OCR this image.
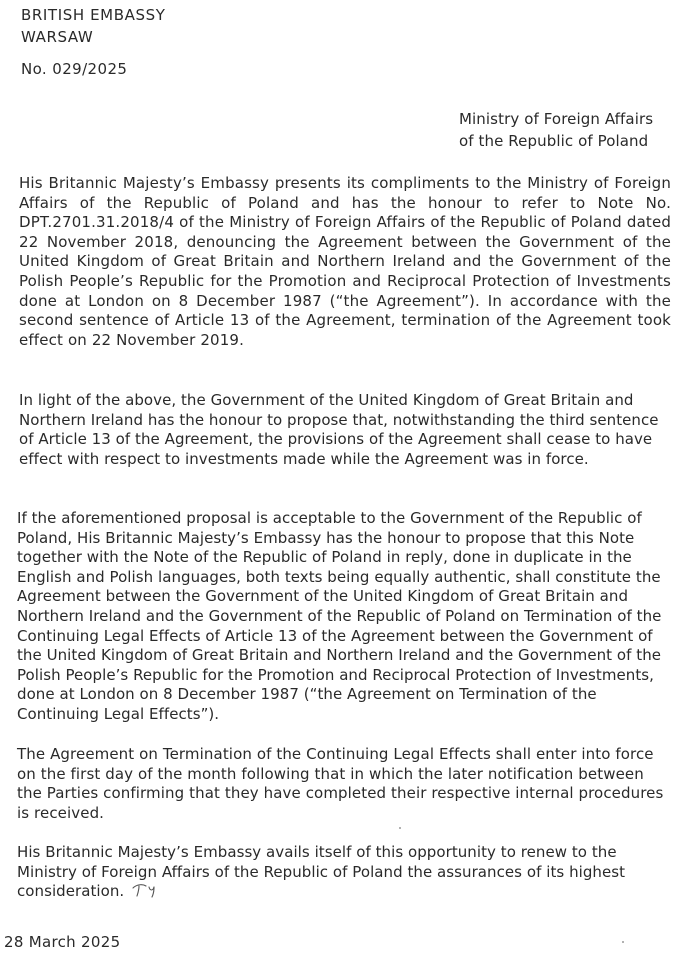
BRITISH EMBASSY
WARSAW
No. 029/2025
Ministry of Foreign Affairs
of the Republic of Poland

His Britannic Majesty’s Embassy presents its compliments to the Ministry of Foreign Affairs of the Republic of Poland and has the honour to refer to Note No. DPT.2701.31.2018/4 of the Ministry of Foreign Affairs of the Republic of Poland dated 22 November 2018, denouncing the Agreement between the Government of the United Kingdom of Great Britain and Northern Ireland and the Government of the Polish People’s Republic for the Promotion and Reciprocal Protection of Investments done at London on 8 December 1987 (“the Agreement”). In accordance with the second sentence of Article 13 of the Agreement, termination of the Agreement took effect on 22 November 2019.

In light of the above, the Government of the United Kingdom of Great Britain and Northern Ireland has the honour to propose that, notwithstanding the third sentence of Article 13 of the Agreement, the provisions of the Agreement shall cease to have effect with respect to investments made while the Agreement was in force.

If the aforementioned proposal is acceptable to the Government of the Republic of Poland, His Britannic Majesty’s Embassy has the honour to propose that this Note together with the Note of the Republic of Poland in reply, done in duplicate in the English and Polish languages, both texts being equally authentic, shall constitute the Agreement between the Government of the United Kingdom of Great Britain and Northern Ireland and the Government of the Republic of Poland on Termination of the Continuing Legal Effects of Article 13 of the Agreement between the Government of the United Kingdom of Great Britain and Northern Ireland and the Government of the Polish People’s Republic for the Promotion and Reciprocal Protection of Investments, done at London on 8 December 1987 (“the Agreement on Termination of the Continuing Legal Effects”).

The Agreement on Termination of the Continuing Legal Effects shall enter into force on the first day of the month following that in which the later notification between the Parties confirming that they have completed their respective internal procedures is received.

His Britannic Majesty’s Embassy avails itself of this opportunity to renew to the Ministry of Foreign Affairs of the Republic of Poland the assurances of its highest consideration.

28 March 2025
